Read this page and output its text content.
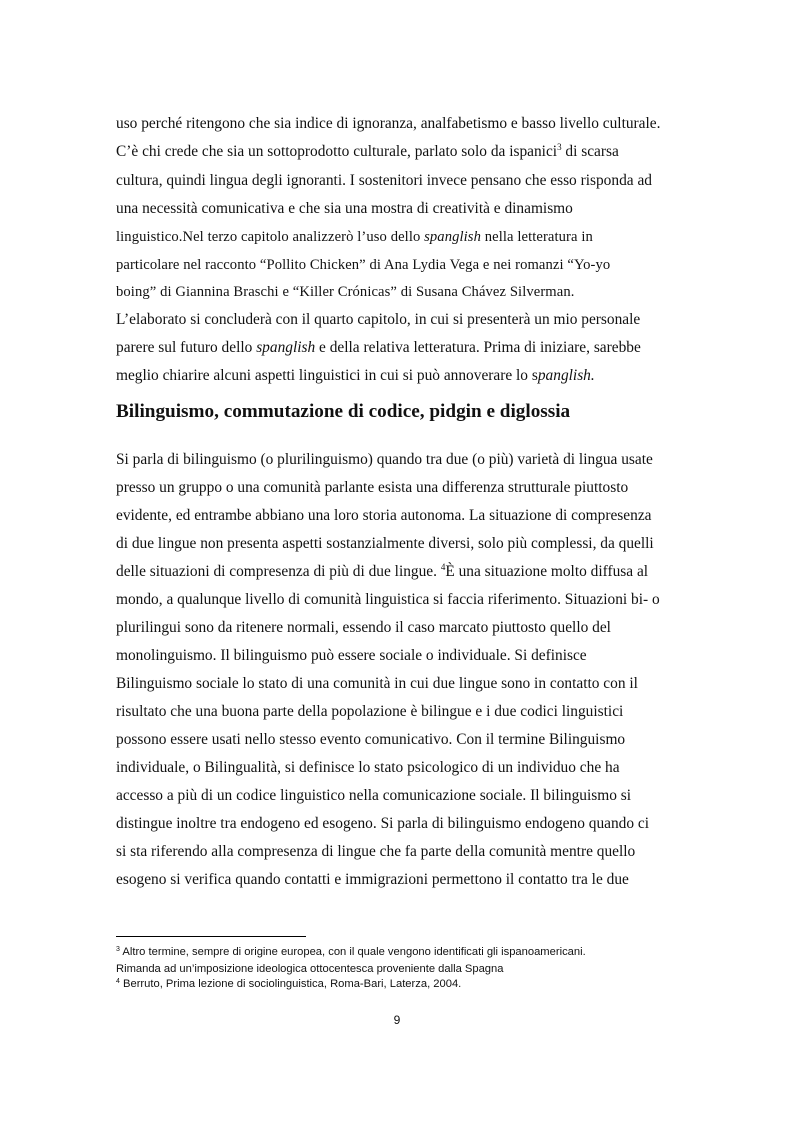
uso perché ritengono che sia indice di ignoranza, analfabetismo e basso livello culturale.

C’è chi crede che sia un sottoprodotto culturale, parlato solo da ispanici$^3$ di scarsa

cultura, quindi lingua degli ignoranti. I sostenitori invece pensano che esso risponda ad

una necessità comunicativa e che sia una mostra di creatività e dinamismo

linguistico.Nel terzo capitolo analizzerò l’uso dello spanglish nella letteratura in

particolare nel racconto “Pollito Chicken” di Ana Lydia Vega e nei romanzi “Yo-yo

boing” di Giannina Braschi e “Killer Crónicas” di Susana Chávez Silverman.

L’elaborato si concluderà con il quarto capitolo, in cui si presenterà un mio personale

parere sul futuro dello spanglish e della relativa letteratura. Prima di iniziare, sarebbe

meglio chiarire alcuni aspetti linguistici in cui si può annoverare lo spanglish.

Bilinguismo, commutazione di codice, pidgin e diglossia

Si parla di bilinguismo (o plurilinguismo) quando tra due (o più) varietà di lingua usate

presso un gruppo o una comunità parlante esista una differenza strutturale piuttosto

evidente, ed entrambe abbiano una loro storia autonoma. La situazione di compresenza

di due lingue non presenta aspetti sostanzialmente diversi, solo più complessi, da quelli

delle situazioni di compresenza di più di due lingue. $^4$È una situazione molto diffusa al

mondo, a qualunque livello di comunità linguistica si faccia riferimento. Situazioni bi- o

plurilingui sono da ritenere normali, essendo il caso marcato piuttosto quello del

monolinguismo. Il bilinguismo può essere sociale o individuale. Si definisce

Bilinguismo sociale lo stato di una comunità in cui due lingue sono in contatto con il

risultato che una buona parte della popolazione è bilingue e i due codici linguistici

possono essere usati nello stesso evento comunicativo. Con il termine Bilinguismo

individuale, o Bilingualità, si definisce lo stato psicologico di un individuo che ha

accesso a più di un codice linguistico nella comunicazione sociale. Il bilinguismo si

distingue inoltre tra endogeno ed esogeno. Si parla di bilinguismo endogeno quando ci

si sta riferendo alla compresenza di lingue che fa parte della comunità mentre quello

esogeno si verifica quando contatti e immigrazioni permettono il contatto tra le due

$^3$ Altro termine, sempre di origine europea, con il quale vengono identificati gli ispanoamericani.

Rimanda ad un’imposizione ideologica ottocentesca proveniente dalla Spagna

$^4$ Berruto, Prima lezione di sociolinguistica, Roma-Bari, Laterza, 2004.

9
